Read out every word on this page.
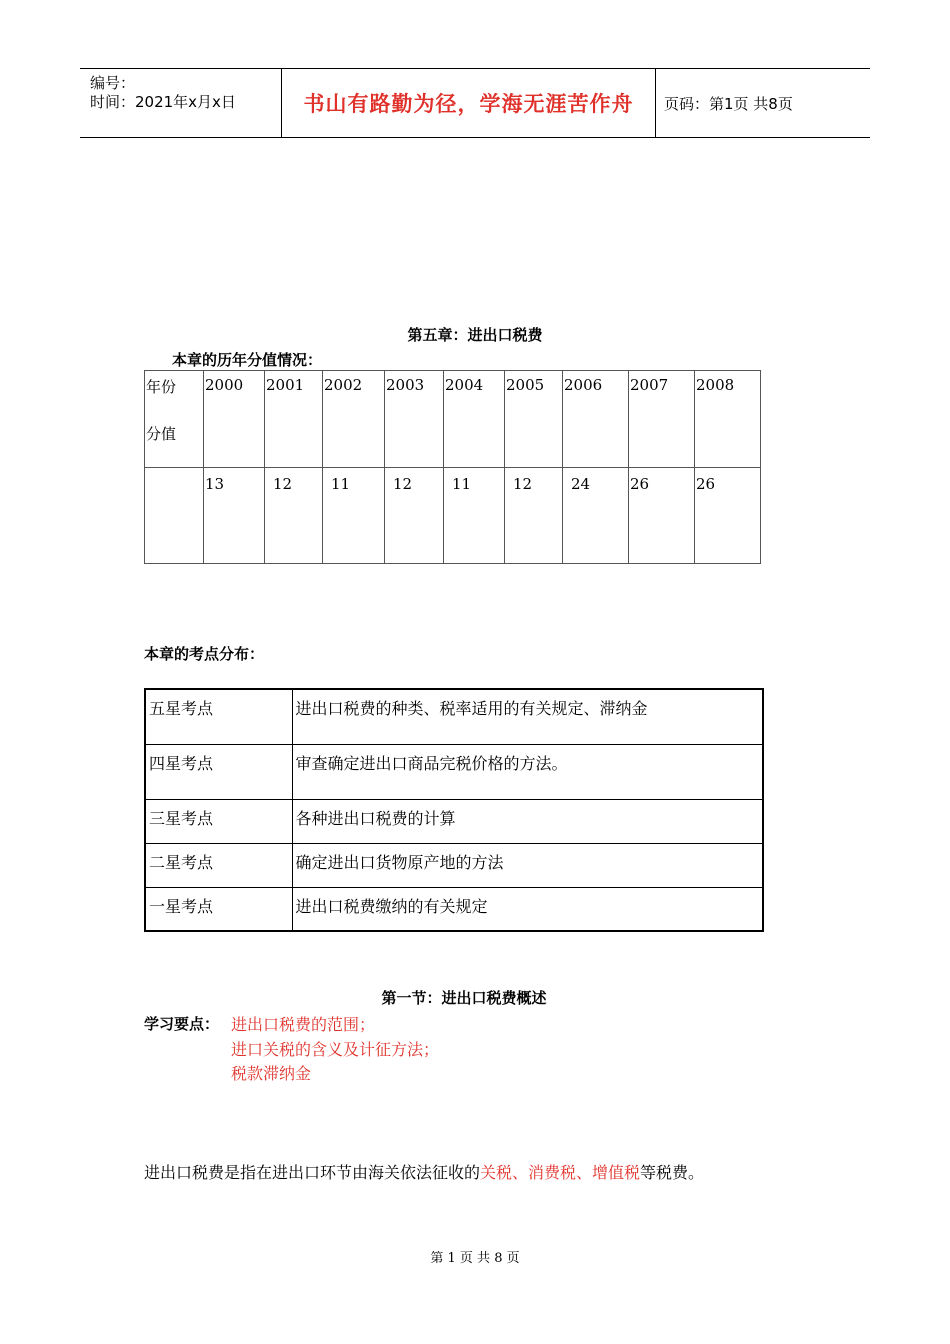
编号：
时间：2021年x月x日	书山有路勤为径，学海无涯苦作舟 页码：第1页 共8页
第五章：进出口税费
本章的历年分值情况：
年份
分值	2000	2001	2002	2003	2004	2005	2006	2007	2008
	13	12	11	12	11	12	24	26	26
本章的考点分布：
五星考点	进出口税费的种类、税率适用的有关规定、滞纳金
四星考点	审查确定进出口商品完税价格的方法。
三星考点	各种进出口税费的计算
二星考点	确定进出口货物原产地的方法
一星考点	进出口税费缴纳的有关规定
第一节：进出口税费概述
学习要点： 进出口税费的范围；
进口关税的含义及计征方法；
税款滞纳金
进出口税费是指在进出口环节由海关依法征收的关税、消费税、增值税等税费。
第 1 页 共 8 页
